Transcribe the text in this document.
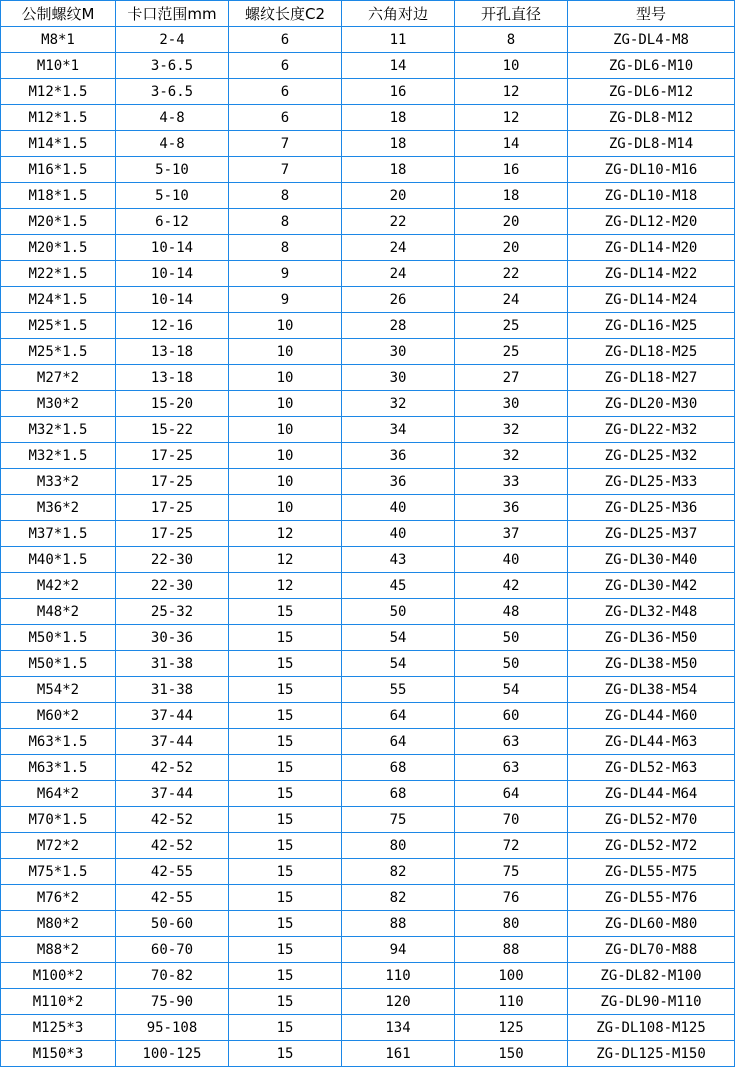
公制螺纹M	卡口范围mm	螺纹长度C2	六角对边	开孔直径	型号
M8*1	2-4	6	11	8	ZG-DL4-M8
M10*1	3-6.5	6	14	10	ZG-DL6-M10
M12*1.5	3-6.5	6	16	12	ZG-DL6-M12
M12*1.5	4-8	6	18	12	ZG-DL8-M12
M14*1.5	4-8	7	18	14	ZG-DL8-M14
M16*1.5	5-10	7	18	16	ZG-DL10-M16
M18*1.5	5-10	8	20	18	ZG-DL10-M18
M20*1.5	6-12	8	22	20	ZG-DL12-M20
M20*1.5	10-14	8	24	20	ZG-DL14-M20
M22*1.5	10-14	9	24	22	ZG-DL14-M22
M24*1.5	10-14	9	26	24	ZG-DL14-M24
M25*1.5	12-16	10	28	25	ZG-DL16-M25
M25*1.5	13-18	10	30	25	ZG-DL18-M25
M27*2	13-18	10	30	27	ZG-DL18-M27
M30*2	15-20	10	32	30	ZG-DL20-M30
M32*1.5	15-22	10	34	32	ZG-DL22-M32
M32*1.5	17-25	10	36	32	ZG-DL25-M32
M33*2	17-25	10	36	33	ZG-DL25-M33
M36*2	17-25	10	40	36	ZG-DL25-M36
M37*1.5	17-25	12	40	37	ZG-DL25-M37
M40*1.5	22-30	12	43	40	ZG-DL30-M40
M42*2	22-30	12	45	42	ZG-DL30-M42
M48*2	25-32	15	50	48	ZG-DL32-M48
M50*1.5	30-36	15	54	50	ZG-DL36-M50
M50*1.5	31-38	15	54	50	ZG-DL38-M50
M54*2	31-38	15	55	54	ZG-DL38-M54
M60*2	37-44	15	64	60	ZG-DL44-M60
M63*1.5	37-44	15	64	63	ZG-DL44-M63
M63*1.5	42-52	15	68	63	ZG-DL52-M63
M64*2	37-44	15	68	64	ZG-DL44-M64
M70*1.5	42-52	15	75	70	ZG-DL52-M70
M72*2	42-52	15	80	72	ZG-DL52-M72
M75*1.5	42-55	15	82	75	ZG-DL55-M75
M76*2	42-55	15	82	76	ZG-DL55-M76
M80*2	50-60	15	88	80	ZG-DL60-M80
M88*2	60-70	15	94	88	ZG-DL70-M88
M100*2	70-82	15	110	100	ZG-DL82-M100
M110*2	75-90	15	120	110	ZG-DL90-M110
M125*3	95-108	15	134	125	ZG-DL108-M125
M150*3	100-125	15	161	150	ZG-DL125-M150
